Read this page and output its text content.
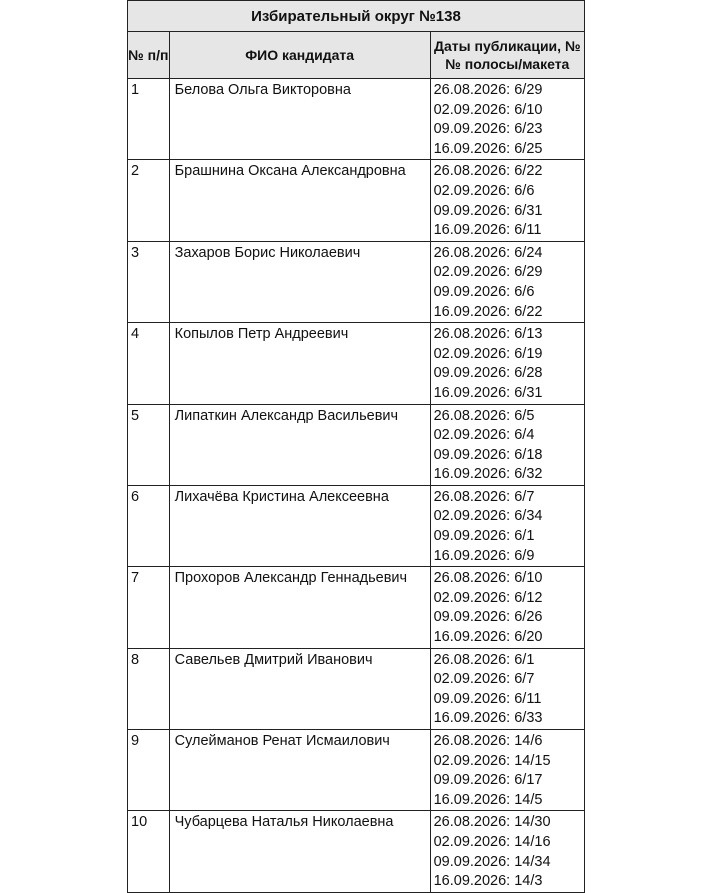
Избирательный округ №138		
№ п/п	ФИО кандидата	Даты публикации, №№ полосы/макета
1	Белова Ольга Викторовна	26.08.2026: 6/29
02.09.2026: 6/10
09.09.2026: 6/23
16.09.2026: 6/25

2	Брашнина Оксана Александровна	26.08.2026: 6/22
02.09.2026: 6/6
09.09.2026: 6/31
16.09.2026: 6/11

3	Захаров Борис Николаевич	26.08.2026: 6/24
02.09.2026: 6/29
09.09.2026: 6/6
16.09.2026: 6/22

4	Копылов Петр Андреевич	26.08.2026: 6/13
02.09.2026: 6/19
09.09.2026: 6/28
16.09.2026: 6/31

5	Липаткин Александр Васильевич	26.08.2026: 6/5
02.09.2026: 6/4
09.09.2026: 6/18
16.09.2026: 6/32

6	Лихачёва Кристина Алексеевна	26.08.2026: 6/7
02.09.2026: 6/34
09.09.2026: 6/1
16.09.2026: 6/9

7	Прохоров Александр Геннадьевич	26.08.2026: 6/10
02.09.2026: 6/12
09.09.2026: 6/26
16.09.2026: 6/20

8	Савельев Дмитрий Иванович	26.08.2026: 6/1
02.09.2026: 6/7
09.09.2026: 6/11
16.09.2026: 6/33

9	Сулейманов Ренат Исмаилович	26.08.2026: 14/6
02.09.2026: 14/15
09.09.2026: 6/17
16.09.2026: 14/5

10	Чубарцева Наталья Николаевна	26.08.2026: 14/30
02.09.2026: 14/16
09.09.2026: 14/34
16.09.2026: 14/3
